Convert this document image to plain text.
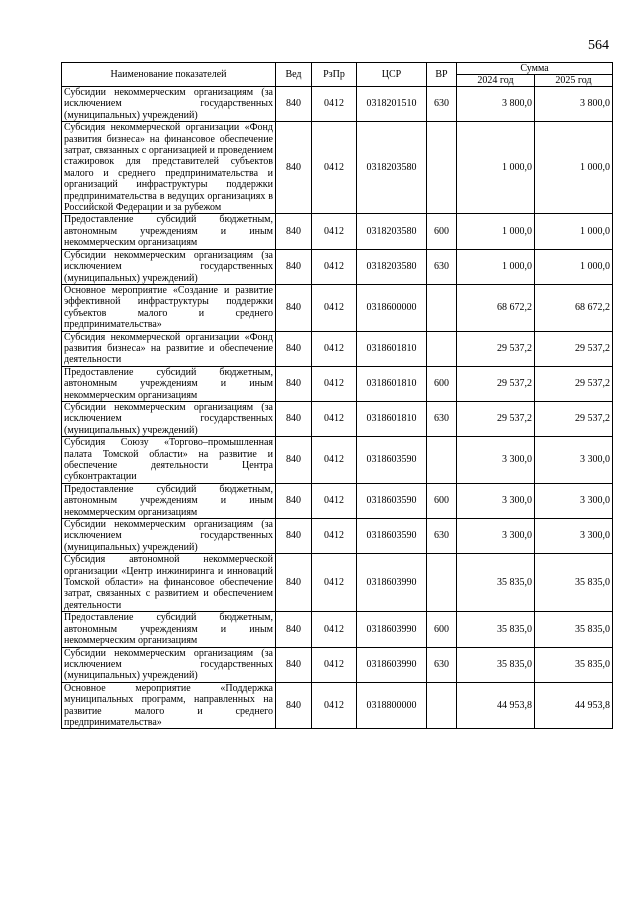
564
Наименование показателей	Вед	РзПр	ЦСР	ВР	Сумма	
					2024 год	2025 год
Субсидии некоммерческим организациям (за исключением государственных (муниципальных) учреждений)	840	0412	0318201510	630	3 800,0	3 800,0
Субсидия некоммерческой организации «Фонд развития бизнеса» на финансовое обеспечение затрат, связанных с организацией и проведением стажировок для представителей субъектов малого и среднего предпринимательства и организаций инфраструктуры поддержки предпринимательства в ведущих организациях в Российской Федерации и за рубежом	840	0412	0318203580		1 000,0	1 000,0
Предоставление субсидий бюджетным, автономным учреждениям и иным некоммерческим организациям	840	0412	0318203580	600	1 000,0	1 000,0
Субсидии некоммерческим организациям (за исключением государственных (муниципальных) учреждений)	840	0412	0318203580	630	1 000,0	1 000,0
Основное мероприятие «Создание и развитие эффективной инфраструктуры поддержки субъектов малого и среднего предпринимательства»	840	0412	0318600000		68 672,2	68 672,2
Субсидия некоммерческой организации «Фонд развития бизнеса» на развитие и обеспечение деятельности	840	0412	0318601810		29 537,2	29 537,2
Предоставление субсидий бюджетным, автономным учреждениям и иным некоммерческим организациям	840	0412	0318601810	600	29 537,2	29 537,2
Субсидии некоммерческим организациям (за исключением государственных (муниципальных) учреждений)	840	0412	0318601810	630	29 537,2	29 537,2
Субсидия Союзу «Торгово–промышленная палата Томской области» на развитие и обеспечение деятельности Центра субконтрактации	840	0412	0318603590		3 300,0	3 300,0
Предоставление субсидий бюджетным, автономным учреждениям и иным некоммерческим организациям	840	0412	0318603590	600	3 300,0	3 300,0
Субсидии некоммерческим организациям (за исключением государственных (муниципальных) учреждений)	840	0412	0318603590	630	3 300,0	3 300,0
Субсидия автономной некоммерческой организации «Центр инжиниринга и инноваций Томской области» на финансовое обеспечение затрат, связанных с развитием и обеспечением деятельности	840	0412	0318603990		35 835,0	35 835,0
Предоставление субсидий бюджетным, автономным учреждениям и иным некоммерческим организациям	840	0412	0318603990	600	35 835,0	35 835,0
Субсидии некоммерческим организациям (за исключением государственных (муниципальных) учреждений)	840	0412	0318603990	630	35 835,0	35 835,0
Основное мероприятие «Поддержка муниципальных программ, направленных на развитие малого и среднего предпринимательства»	840	0412	0318800000		44 953,8	44 953,8
